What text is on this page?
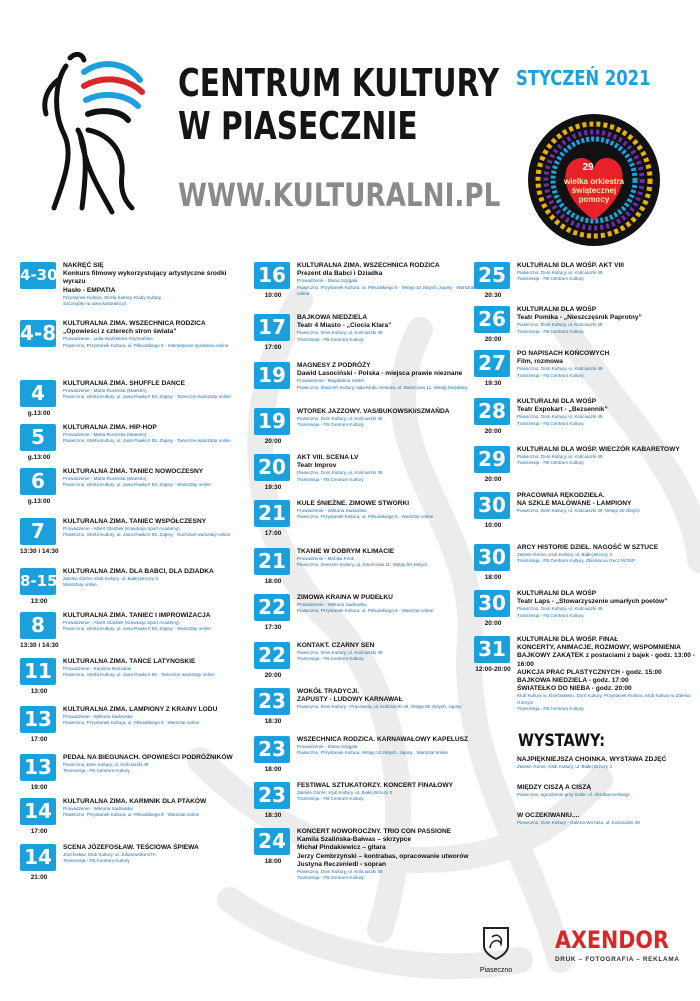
CENTRUM KULTURY
W PIASECZNIE
WWW.KULTURALNI.PL
STYCZEŃ 2021
wielka orkiestra świątecznej pomocy
29
4-30
NAKRĘĆ SIĘ
Konkurs filmowy wykorzystujący artystyczne środki wyrazu
Hasło - EMPATIA
Przystanek Kultura, Strefa Kultury, Klaby Kultury
Szczegóły na www.kulturalni.pl
4-8 KULTURALNA ZIMA. WSZECHNICA RODZICA
„Opowieści z czterech stron świata”
Prowadzenie - Lidia Iwaśniecka-Szymańska
Piaseczno, Przystanek Kultura, ul. Piłsudskiego 8 · Interaktywne spotkania online
4
g.13:00
KULTURALNA ZIMA. SHUFFLE DANCE
Prowadzenie - Marta Rusinska (Maestro)
Piaseczno, Strefa Kultury, ul. Jana Pawła II 55, Zapisy · Taneczne warsztaty online
5
g.13:00
KULTURALNA ZIMA. HIP-HOP
Prowadzenie - Marta Rusinska (Maestro)
Piaseczno, Strefa Kultury, ul. Jana Pawła II 55, Zapisy · Taneczne warsztaty online
6
g.13:00
KULTURALNA ZIMA. TANIEC NOWOCZESNY
Prowadzenie - Marta Rusinska (Maestro)
Piaseczno, Strefa Kultury, ul. Jana Pawła II 55, Zapisy · Warsztaty online
7
13:30 i 14:30
KULTURALNA ZIMA. TANIEC WSPÓŁCZESNY
Prowadzenie - Albert Glazbek (Krawtarja Sport Academy)
Piaseczno, Strefa Kultury, ul. Jana Pawła II 55, Zapisy · Ruchowe warsztaty online
8-15
13:00
KULTURALNA ZIMA. DLA BABCI, DLA DZIADKA
Zalesie Górne, Klub Kultury, ul. Białej Brzozy 3
Warsztaty online
8
13:30 i 14:30
KULTURALNA ZIMA. TANIEC I IMPROWIZACJA
Prowadzenie - Albert Glazbek (Krawtarja Sport Academy)
Piaseczno, Strefa Kultury, ul. Jana Pawła II 55, Zapisy · Warsztaty online
11
13:00
KULTURALNA ZIMA. TAŃCE LATYNOSKIE
Prowadzenie - Karolina Muszalak
Piaseczno, Strefa Kultury, ul. Jana Pawła II 55 · Taneczne warsztaty online
13
17:00
KULTURALNA ZIMA. LAMPIONY Z KRAINY LODU
Prowadzenie - Wiktoria Sadowska
Piaseczno, Przystanek Kultura, ul. Piłsudskiego 8 · Warsztat online
13
19:00
PEDAŁ NA BIEGUNACH. OPOWIEŚCI PODRÓŻNIKÓW
Piaseczno, Dom Kultury, ul. Kościuszki 49
Transmisja - FB Centrum Kultury
14
17:00
KULTURALNA ZIMA. KARMNIK DLA PTAKÓW
Prowadzenie - Wiktoria Sadowska
Piaseczno, Przystanek Kultura, ul. Piłsudskiego 8 · Warsztat online
14
21:00
SCENA JÓZEFOSŁAW. TEŚCIOWA ŚPIEWA
Józefosław, Klub Kultury, ul. Julianowska 67A
Transmisja - FB Centrum Kultury
16
10:00
KULTURALNA ZIMA. WSZECHNICA RODZICA
Prezent dla Babci i Dziadka
Prowadzenie - Diana Szygała
Piaseczno, Przystanek Kultura, ul. Piłsudskiego 8 · Wstęp 10 złotych, zapisy · Warsztat online
17
17:00
BAJKOWA NIEDZIELA
Teatr 4 Miasto - „Ciocia Klara”
Piaseczno, Dom Kultury, ul. Kościuszki 49
Transmisja - FB Centrum Kultury
19	MAGNESY Z PODRÓŻY
Dawid Lasociński - Polska - miejsca prawie nieznane
Prowadzenie - Magdalena Hetter
Piaseczno, Dworzec Kultury, sala Klubu Seniora, ul. Dworcowa 11, Wstęp bezpłatny
19
20:00
WTOREK JAZZOWY. VAS/BUKOWSKI/SZMAŃDA
Piaseczno, Dom Kultury, ul. Kościuszki 49
Transmisja - FB Centrum Kultury
20
19:30
AKT VIII. SCENA LV
Teatr Improv
Piaseczno, Dom Kultury, ul. Kościuszki 49
Transmisja - FB Centrum Kultury
21
17:00
KULE ŚNIEŻNE. ZIMOWE STWORKI
Prowadzenie - Wiktoria Sadowska
Piaseczno, Przystanek Kultura, ul. Piłsudskiego 8 · Warsztat online
21
18:00
TKANIE W DOBRYM KLIMACIE
Prowadzenie - Monika Fenk
Piaseczno, Dworzec Kultury, ul. Dworcowa 11, Wstęp 60 złotych
22
17:30
ZIMOWA KRAINA W PUDEŁKU
Prowadzenie - Wiktoria Sadowska
Piaseczno, Przystanek Kultura, ul. Piłsudskiego 8 · Warsztat online
22
20:00
KONTAKT. CZARNY SEN
Piaseczno, Dom Kultury, ul. Kościuszki 49
Transmisja - FB Centrum Kultury
23
18:30
WOKÓŁ TRADYCJI.
ZAPUSTY - LUDOWY KARNAWAŁ
Piaseczno, Dom Kultury - Pracownia, ul. Kościuszki 49, Wstęp 80 złotych, zapisy
23
18:00
WSZECHNICA RODZICA. KARNAWAŁOWY KAPELUSZ
Prowadzenie - Diana Szygała
Piaseczno, Przystanek Kultura, Wstęp 10 złotych, zapisy · Warsztat online
23
18:30
FESTIWAL SZTUKATORZY. KONCERT FINAŁOWY
Zalesie Górne, Klub Kultury, ul. Białej Brzozy 3
Transmisja - FB Centrum Kultury
24
18:00
KONCERT NOWOROCZNY. TRIO CON PASSIONE
Kamila Szalińska-Bałwas – skrzypce
Michał Pindakiewicz – gitara
Jerzy Cembrzyński – kontrabas, opracowanie utworów
Justyna Reczeniedi - sopran
Piaseczno, Dom Kultury, ul. Kościuszki 49
Transmisja - FB Centrum Kultury
25
20:30
KULTURALNI DLA WOŚP. AKT VIII
Piaseczno, Dom Kultury, ul. Kościuszki 49
Transmisja - FB Centrum Kultury
26
20:00
KULTURALNI DLA WOŚP
Teatr Pomika - „Nieszczęśnik Paprotny”
Piaseczno, Dom Kultury, ul. Kościuszki 49
Transmisja - FB Centrum Kultury
27
19:30
PO NAPISACH KOŃCOWYCH
Film, rozmowa
Piaseczno, Dom Kultury, ul. Kościuszki 49
Transmisja - FB Centrum Kultury
28
20:00
KULTURALNI DLA WOŚP
Teatr Expokart - „Bezsennik”
Piaseczno, Dom Kultury, ul. Kościuszki 49
Transmisja - FB Centrum Kultury
29
20:00
KULTURALNI DLA WOŚP. WIECZÓR KABARETOWY
Piaseczno, Dom Kultury, ul. Kościuszki 49
Transmisja - FB Centrum Kultury
30
10:00
PRACOWNIA RĘKODZIEŁA.
NA SZKLE MALOWANE - LAMPIONY
Piaseczno, Dom Kultury, ul. Kościuszki 49, Wstęp 30 złotych
30
18:00
ARCY HISTORIE DZIEŁ. NAGOŚĆ W SZTUCE
Zalesie Górne, Klub Kultury, ul. Białej Brzozy 3
Transmisja - FB Centrum Kultury, Zbiórka na rzecz WOŚP
30
20:00
KULTURALNI DLA WOŚP
Teatr Laps - „Stowarzyszenie umarłych poetów”
Piaseczno, Dom Kultury, ul. Kościuszki 49
Transmisja - FB Centrum Kultury
31
12:00-20:00
KULTURALNI DLA WOŚP. FINAŁ
KONCERTY, ANIMACJE, ROZMOWY, WSPOMNIENIA
BAJKOWY ZAKĄTEK z postaciami z bajek - godz. 13:00 - 16:00
AUKCJA PRAC PLASTYCZNYCH - godz. 15:00
BAJKOWA NIEDZIELA - godz. 17:00
ŚWIATEŁKO DO NIEBA - godz. 20:00
Klub Kultury w Józefosławiu, Dom Kultury, Przystanek Kultura, Klub Kultury w Zalesiu Górnym
Transmisja - FB Centrum Kultury
WYSTAWY:
NAJPIĘKNIEJSZA CHOINKA. WYSTAWA ZDJĘĆ
Zalesie Górne, Klub Kultury, ul. Białej Brzozy 3
MIĘDZY CISZĄ A CISZĄ
Piaseczno, ogrodzenie przy Galer. ul. Skrobanovskiego
W OCZEKIWANIU....
Piaseczno, Dom Kultury - Galeria Wit raża, ul. Kościuszki 49
Piaseczno
AXENDOR
DRUK – FOTOGRAFIA – REKLAMA
